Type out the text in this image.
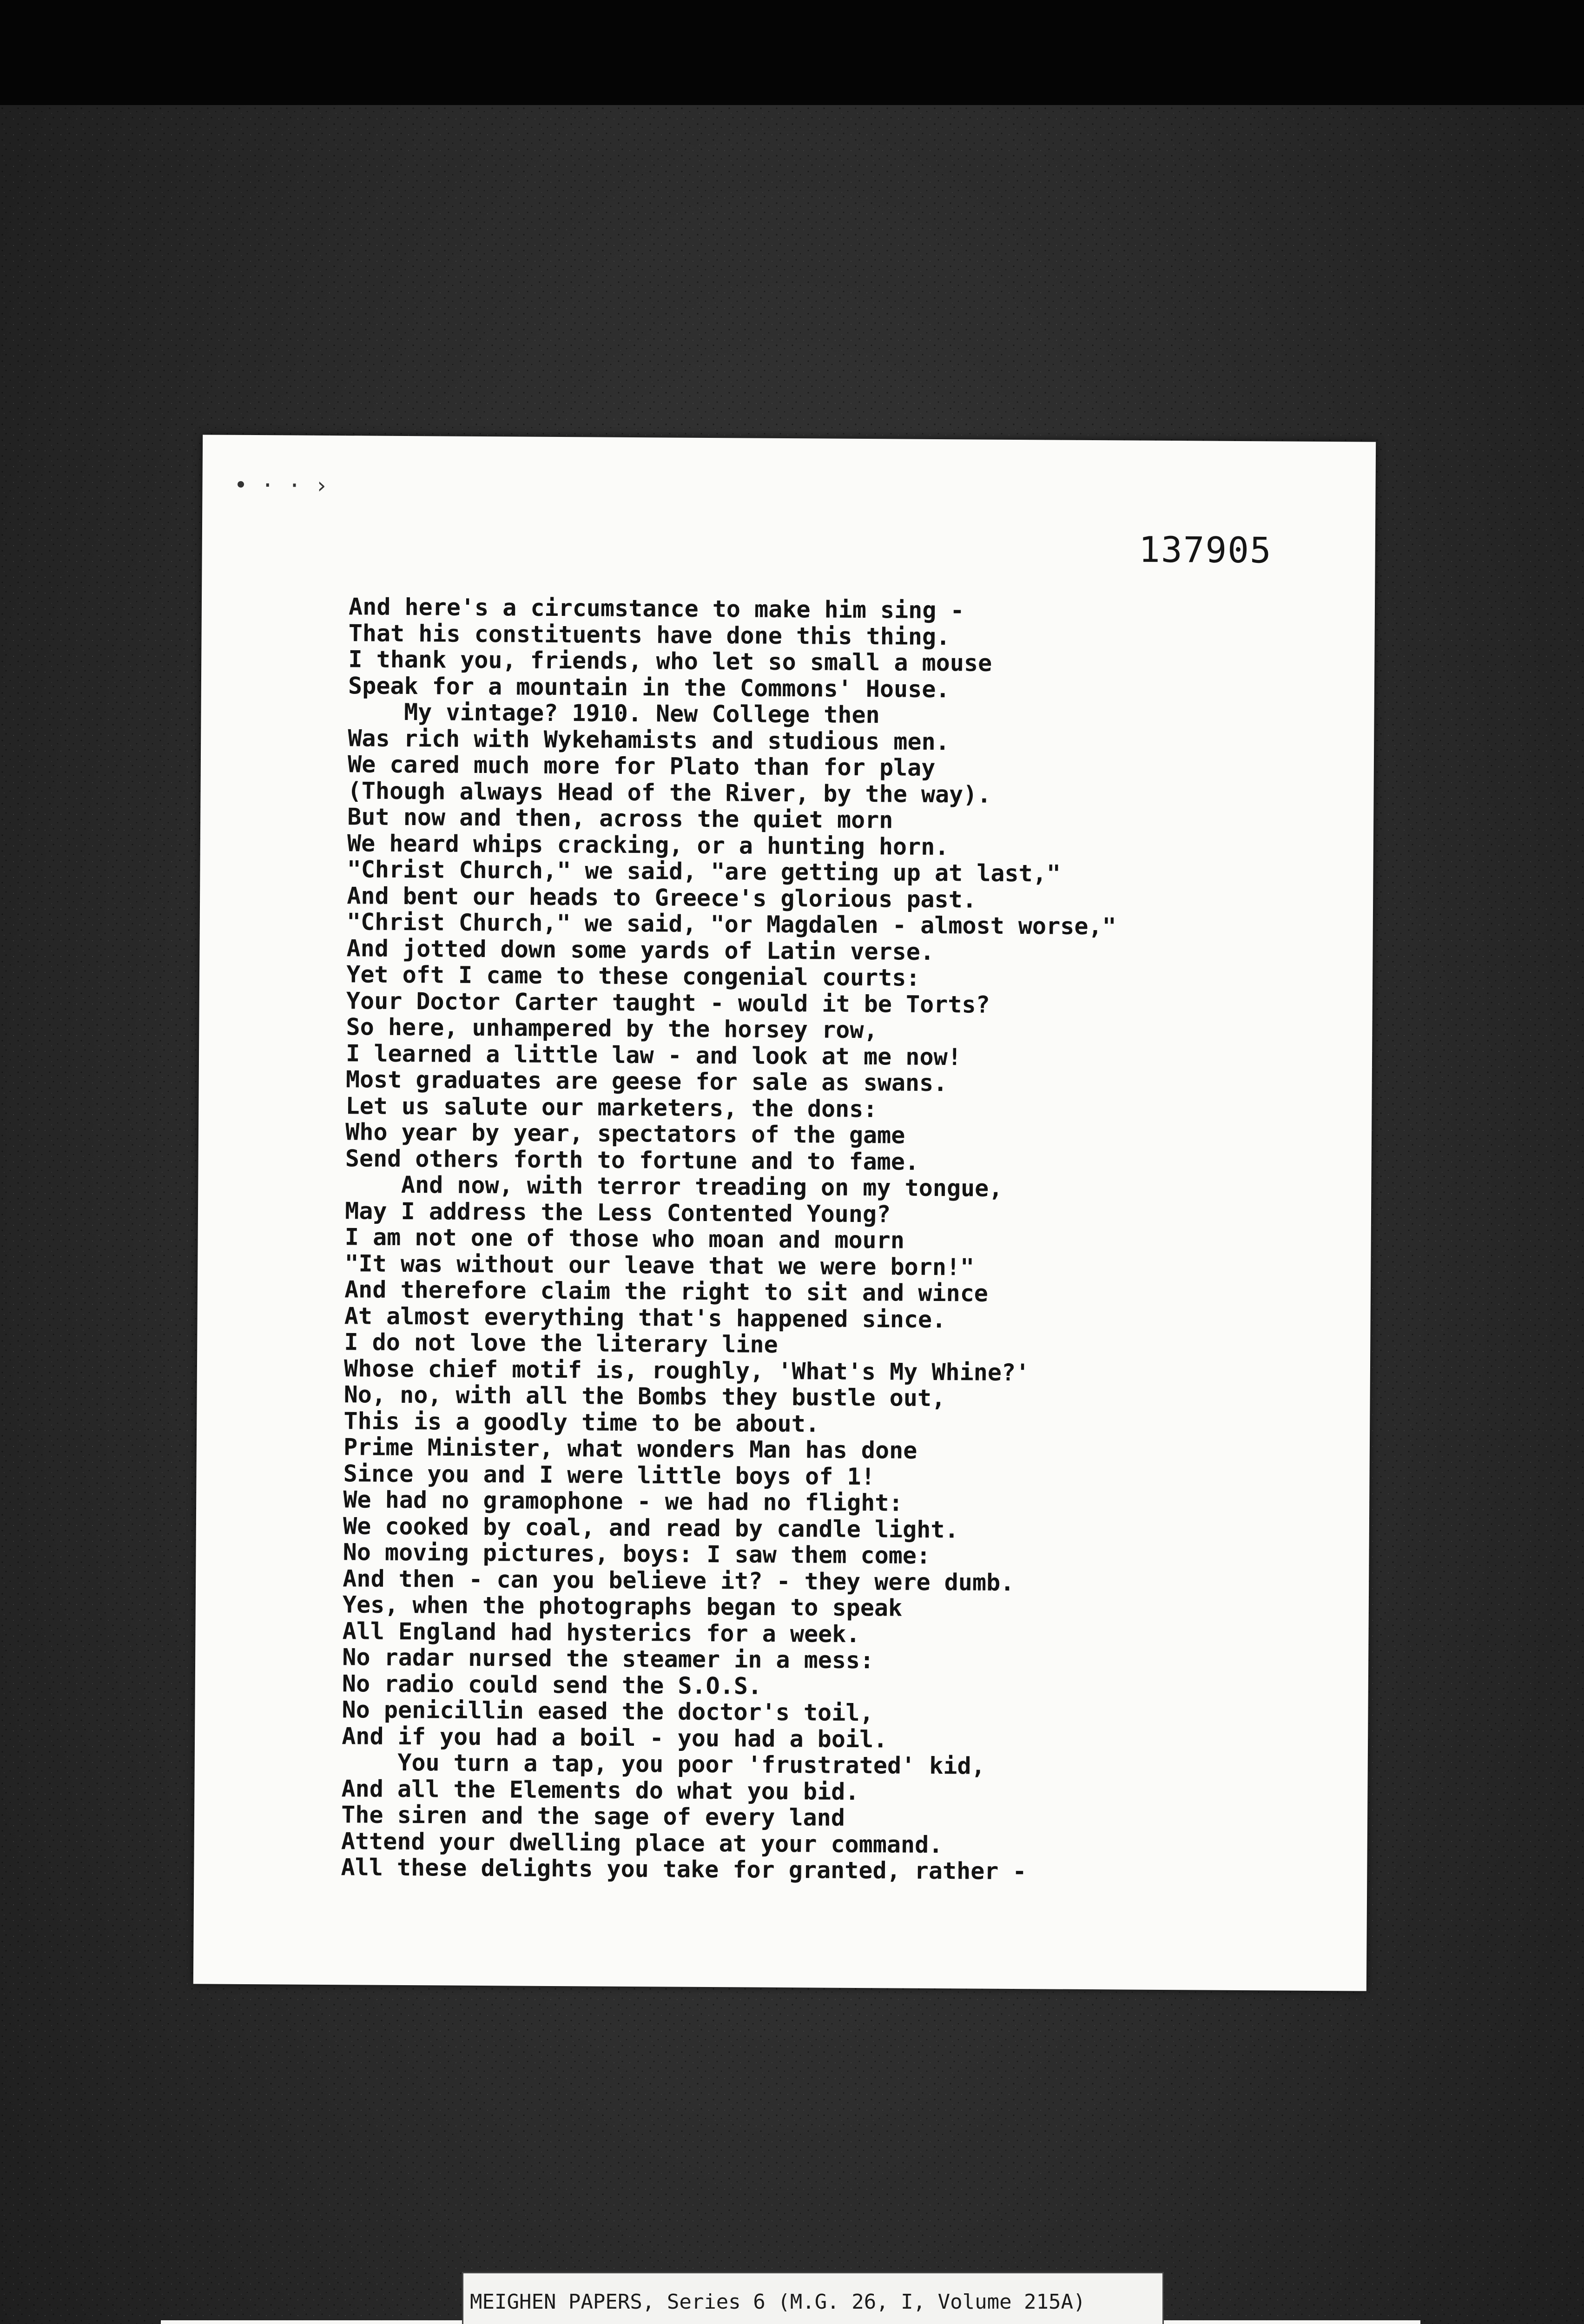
• · · ›
137905
And here's a circumstance to make him sing -
That his constituents have done this thing.
I thank you, friends, who let so small a mouse
Speak for a mountain in the Commons' House.
My vintage? 1910. New College then
Was rich with Wykehamists and studious men.
We cared much more for Plato than for play
(Though always Head of the River, by the way).
But now and then, across the quiet morn
We heard whips cracking, or a hunting horn.
"Christ Church," we said, "are getting up at last,"
And bent our heads to Greece's glorious past.
"Christ Church," we said, "or Magdalen - almost worse,"
And jotted down some yards of Latin verse.
Yet oft I came to these congenial courts:
Your Doctor Carter taught - would it be Torts?
So here, unhampered by the horsey row,
I learned a little law - and look at me now!
Most graduates are geese for sale as swans.
Let us salute our marketers, the dons:
Who year by year, spectators of the game
Send others forth to fortune and to fame.
And now, with terror treading on my tongue,
May I address the Less Contented Young?
I am not one of those who moan and mourn
"It was without our leave that we were born!"
And therefore claim the right to sit and wince
At almost everything that's happened since.
I do not love the literary line
Whose chief motif is, roughly, 'What's My Whine?'
No, no, with all the Bombs they bustle out,
This is a goodly time to be about.
Prime Minister, what wonders Man has done
Since you and I were little boys of 1!
We had no gramophone - we had no flight:
We cooked by coal, and read by candle light.
No moving pictures, boys: I saw them come:
And then - can you believe it? - they were dumb.
Yes, when the photographs began to speak
All England had hysterics for a week.
No radar nursed the steamer in a mess:
No radio could send the S.O.S.
No penicillin eased the doctor's toil,
And if you had a boil - you had a boil.
You turn a tap, you poor 'frustrated' kid,
And all the Elements do what you bid.
The siren and the sage of every land
Attend your dwelling place at your command.
All these delights you take for granted, rather -
MEIGHEN PAPERS, Series 6 (M.G. 26, I, Volume 215A)
